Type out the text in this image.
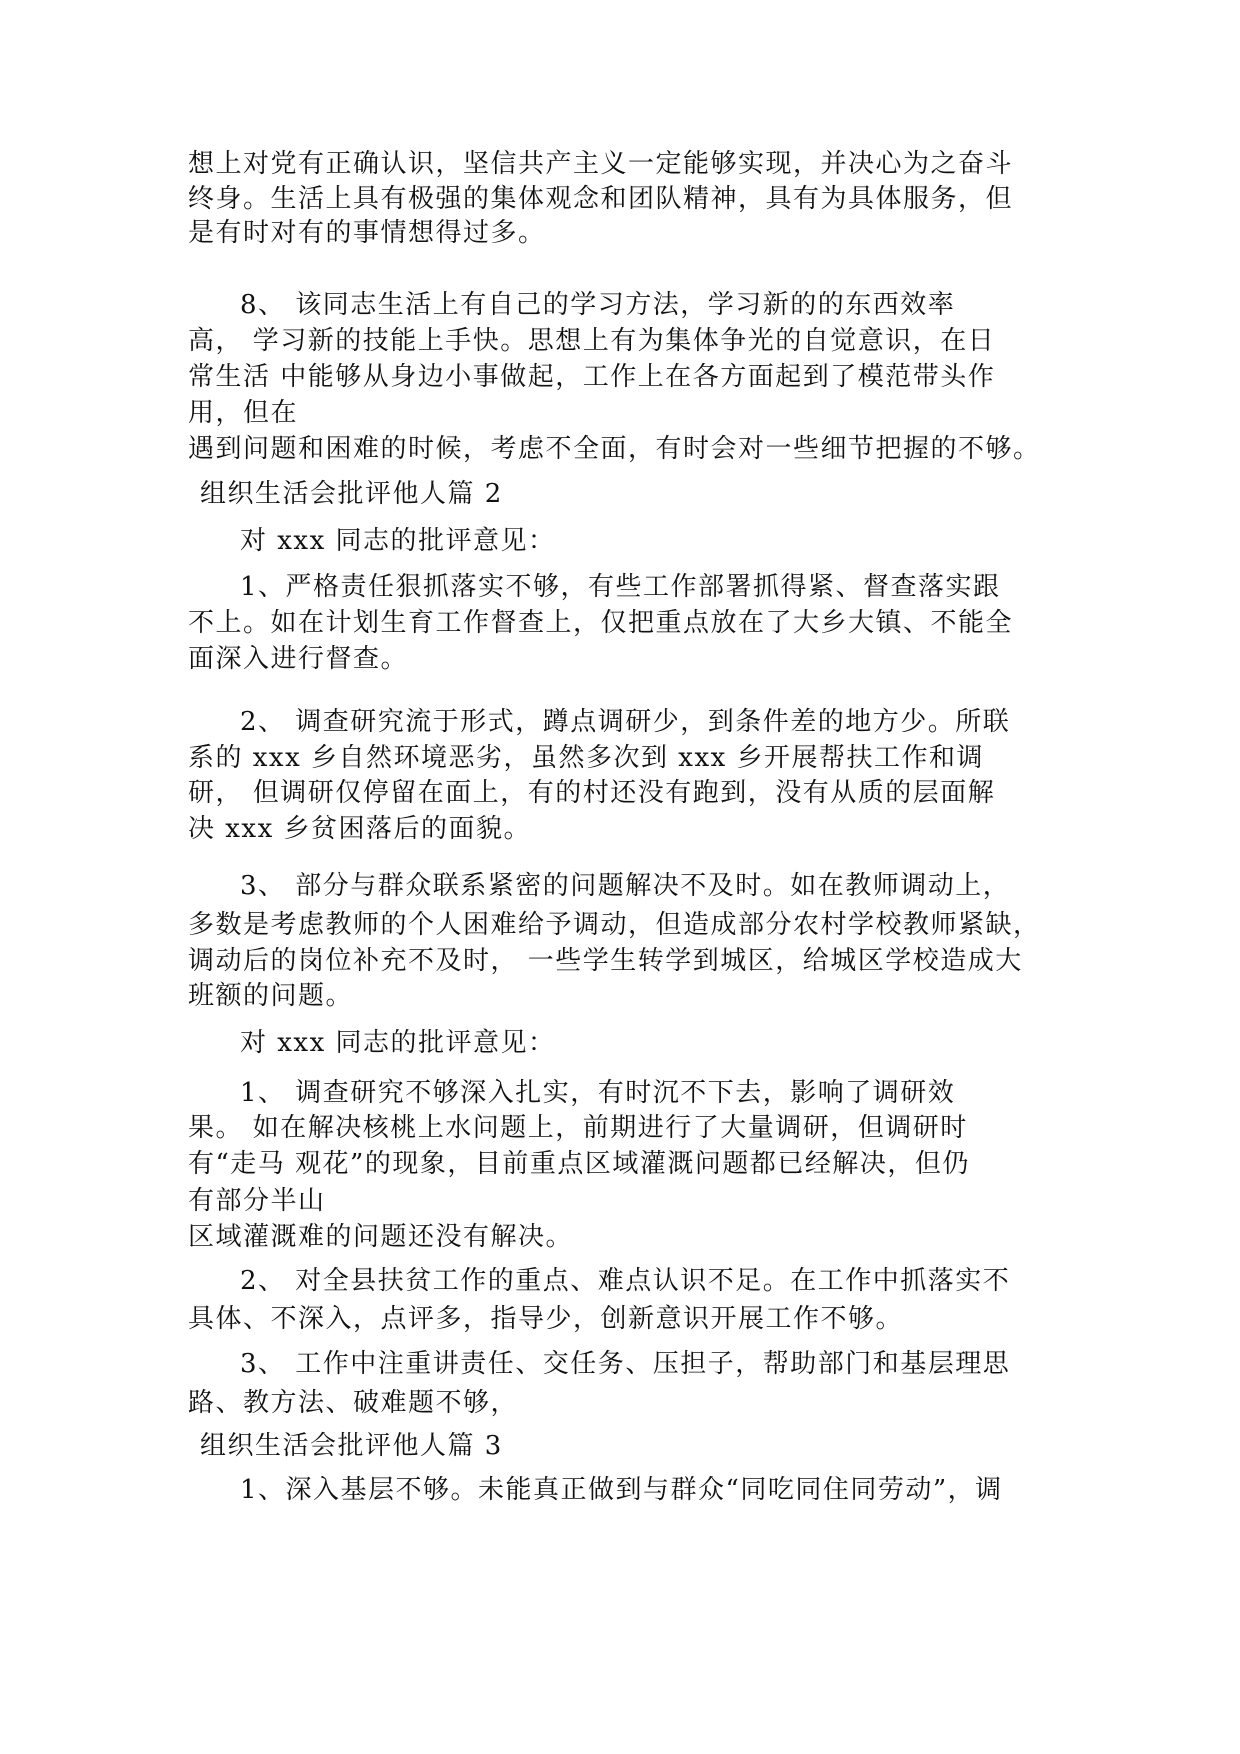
想上对党有正确认识，坚信共产主义一定能够实现，并决心为之奋斗
终身。生活上具有极强的集体观念和团队精神，具有为具体服务，但
是有时对有的事情想得过多。
8、 该同志生活上有自己的学习方法，学习新的的东西效率
高， 学习新的技能上手快。思想上有为集体争光的自觉意识，在日
常生活 中能够从身边小事做起，工作上在各方面起到了模范带头作
用，但在
遇到问题和困难的时候，考虑不全面，有时会对一些细节把握的不够。
组织生活会批评他人篇 2
对 xxx 同志的批评意见：
1、严格责任狠抓落实不够，有些工作部署抓得紧、督查落实跟
不上。如在计划生育工作督查上，仅把重点放在了大乡大镇、不能全
面深入进行督查。
2、 调查研究流于形式，蹲点调研少，到条件差的地方少。所联
系的 xxx 乡自然环境恶劣，虽然多次到 xxx 乡开展帮扶工作和调
研， 但调研仅停留在面上，有的村还没有跑到，没有从质的层面解
决 xxx 乡贫困落后的面貌。
3、 部分与群众联系紧密的问题解决不及时。如在教师调动上，
多数是考虑教师的个人困难给予调动，但造成部分农村学校教师紧缺，
调动后的岗位补充不及时， 一些学生转学到城区，给城区学校造成大
班额的问题。
对 xxx 同志的批评意见：
1、 调查研究不够深入扎实，有时沉不下去，影响了调研效
果。 如在解决核桃上水问题上，前期进行了大量调研，但调研时
有“走马 观花”的现象，目前重点区域灌溉问题都已经解决，但仍
有部分半山
区域灌溉难的问题还没有解决。
2、 对全县扶贫工作的重点、难点认识不足。在工作中抓落实不
具体、不深入，点评多，指导少，创新意识开展工作不够。
3、 工作中注重讲责任、交任务、压担子，帮助部门和基层理思
路、教方法、破难题不够，
组织生活会批评他人篇 3
1、深入基层不够。未能真正做到与群众“同吃同住同劳动”，调
